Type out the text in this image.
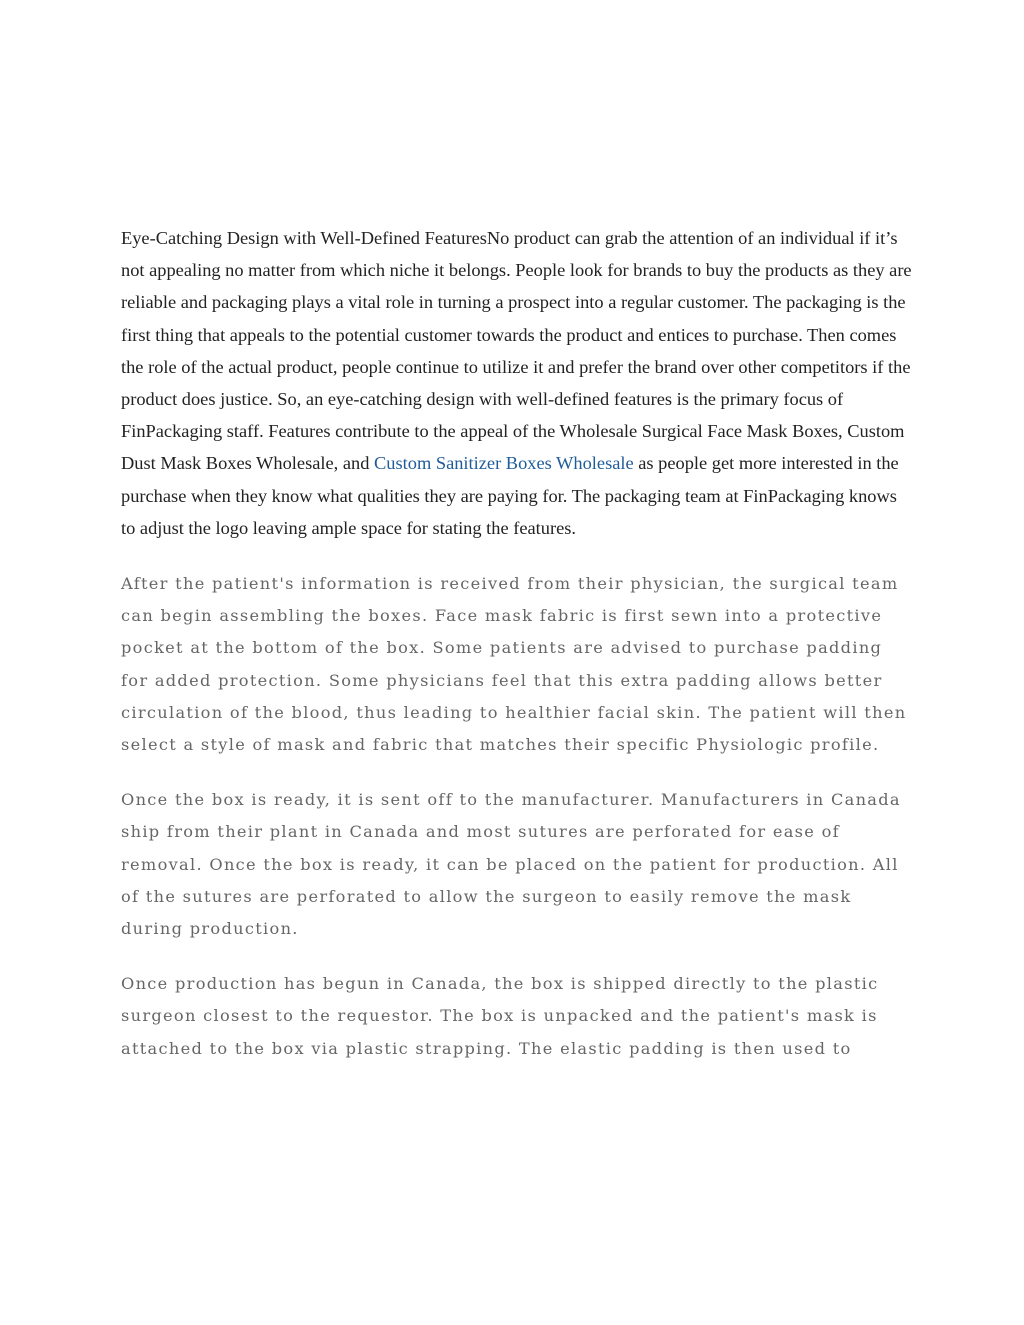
Eye-Catching Design with Well-Defined FeaturesNo product can grab the attention of an individual if it’s not appealing no matter from which niche it belongs. People look for brands to buy the products as they are reliable and packaging plays a vital role in turning a prospect into a regular customer. The packaging is the first thing that appeals to the potential customer towards the product and entices to purchase. Then comes the role of the actual product, people continue to utilize it and prefer the brand over other competitors if the product does justice. So, an eye-catching design with well-defined features is the primary focus of FinPackaging staff. Features contribute to the appeal of the Wholesale Surgical Face Mask Boxes, Custom Dust Mask Boxes Wholesale, and Custom Sanitizer Boxes Wholesale as people get more interested in the purchase when they know what qualities they are paying for. The packaging team at FinPackaging knows to adjust the logo leaving ample space for stating the features.

After the patient's information is received from their physician, the surgical team can begin assembling the boxes. Face mask fabric is first sewn into a protective pocket at the bottom of the box. Some patients are advised to purchase padding for added protection. Some physicians feel that this extra padding allows better circulation of the blood, thus leading to healthier facial skin. The patient will then select a style of mask and fabric that matches their specific Physiologic profile.

Once the box is ready, it is sent off to the manufacturer. Manufacturers in Canada ship from their plant in Canada and most sutures are perforated for ease of removal. Once the box is ready, it can be placed on the patient for production. All of the sutures are perforated to allow the surgeon to easily remove the mask during production.

Once production has begun in Canada, the box is shipped directly to the plastic surgeon closest to the requestor. The box is unpacked and the patient's mask is attached to the box via plastic strapping. The elastic padding is then used to
